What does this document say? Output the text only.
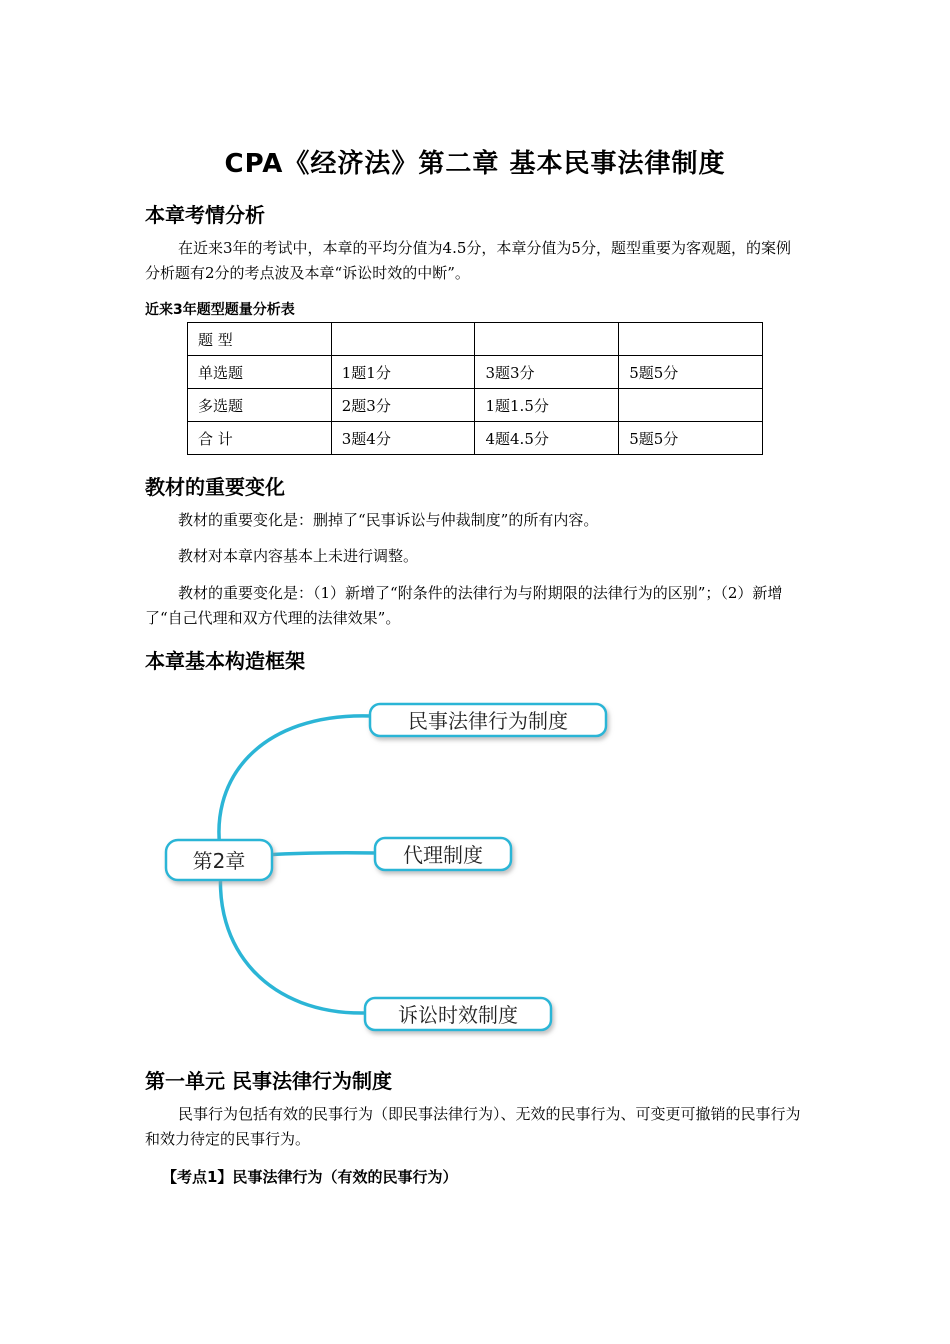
CPA《经济法》第二章 基本民事法律制度
本章考情分析

在近来3年的考试中，本章的平均分值为4.5分，本章分值为5分，题型重要为客观题，的案例分析题有2分的考点波及本章“诉讼时效的中断”。

近来3年题型题量分析表
题 型			
单选题	1题1分	3题3分	5题5分
多选题	2题3分	1题1.5分	
合 计	3题4分	4题4.5分	5题5分
教材的重要变化

教材的重要变化是：删掉了“民事诉讼与仲裁制度”的所有内容。

教材对本章内容基本上未进行调整。

教材的重要变化是：（1）新增了“附条件的法律行为与附期限的法律行为的区别”；（2）新增了“自己代理和双方代理的法律效果”。

本章基本构造框架
第2章
民事法律行为制度
代理制度
诉讼时效制度
第一单元 民事法律行为制度

民事行为包括有效的民事行为（即民事法律行为）、无效的民事行为、可变更可撤销的民事行为和效力待定的民事行为。

【考点1】民事法律行为（有效的民事行为）
